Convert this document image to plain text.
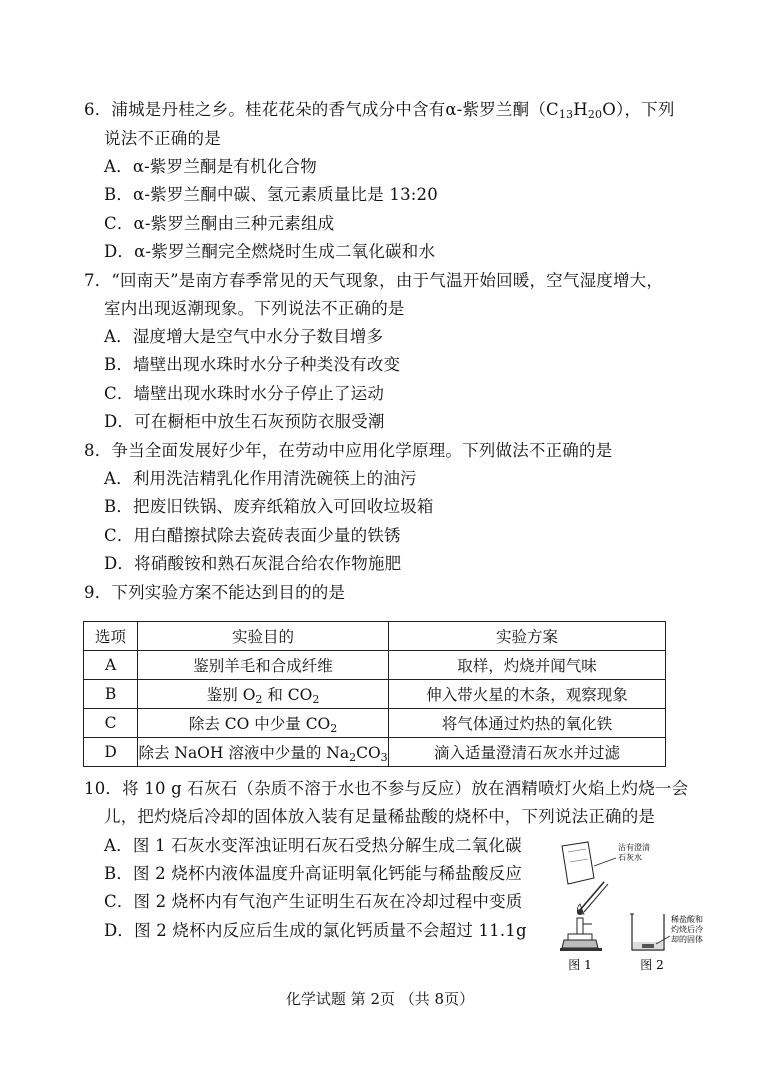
6．浦城是丹桂之乡。桂花花朵的香气成分中含有α-紫罗兰酮$(C_{13}H_{20}O)$，下列
说法不正确的是
A．α-紫罗兰酮是有机化合物
B．α-紫罗兰酮中碳、氢元素质量比是 13:20
C．α-紫罗兰酮由三种元素组成
D．α-紫罗兰酮完全燃烧时生成二氧化碳和水
7．“回南天”是南方春季常见的天气现象，由于气温开始回暖，空气湿度增大，
室内出现返潮现象。下列说法不正确的是
A．湿度增大是空气中水分子数目增多
B．墙壁出现水珠时水分子种类没有改变
C．墙壁出现水珠时水分子停止了运动
D．可在橱柜中放生石灰预防衣服受潮
8．争当全面发展好少年，在劳动中应用化学原理。下列做法不正确的是
A．利用洗洁精乳化作用清洗碗筷上的油污
B．把废旧铁锅、废弃纸箱放入可回收垃圾箱
C．用白醋擦拭除去瓷砖表面少量的铁锈
D．将硝酸铵和熟石灰混合给农作物施肥
9．下列实验方案不能达到目的的是
选项	实验目的	实验方案
A	鉴别羊毛和合成纤维	取样，灼烧并闻气味
B	鉴别 $O_2$ 和 $CO_2$	伸入带火星的木条，观察现象
C	除去 CO 中少量 $CO_2$	将气体通过灼热的氧化铁
D	除去 NaOH 溶液中少量的 $Na_2CO_3$	滴入适量澄清石灰水并过滤
10．将 10 g 石灰石（杂质不溶于水也不参与反应）放在酒精喷灯火焰上灼烧一会
儿，把灼烧后冷却的固体放入装有足量稀盐酸的烧杯中，下列说法正确的是
A．图 1 石灰水变浑浊证明石灰石受热分解生成二氧化碳
B．图 2 烧杯内液体温度升高证明氧化钙能与稀盐酸反应
C．图 2 烧杯内有气泡产生证明生石灰在冷却过程中变质
D．图 2 烧杯内反应后生成的氯化钙质量不会超过 11.1g
沾有澄清
石灰水
稀盐酸和
灼烧后冷
却的固体
图 1	图 2
化学试题 第 2页 （共 8页）
